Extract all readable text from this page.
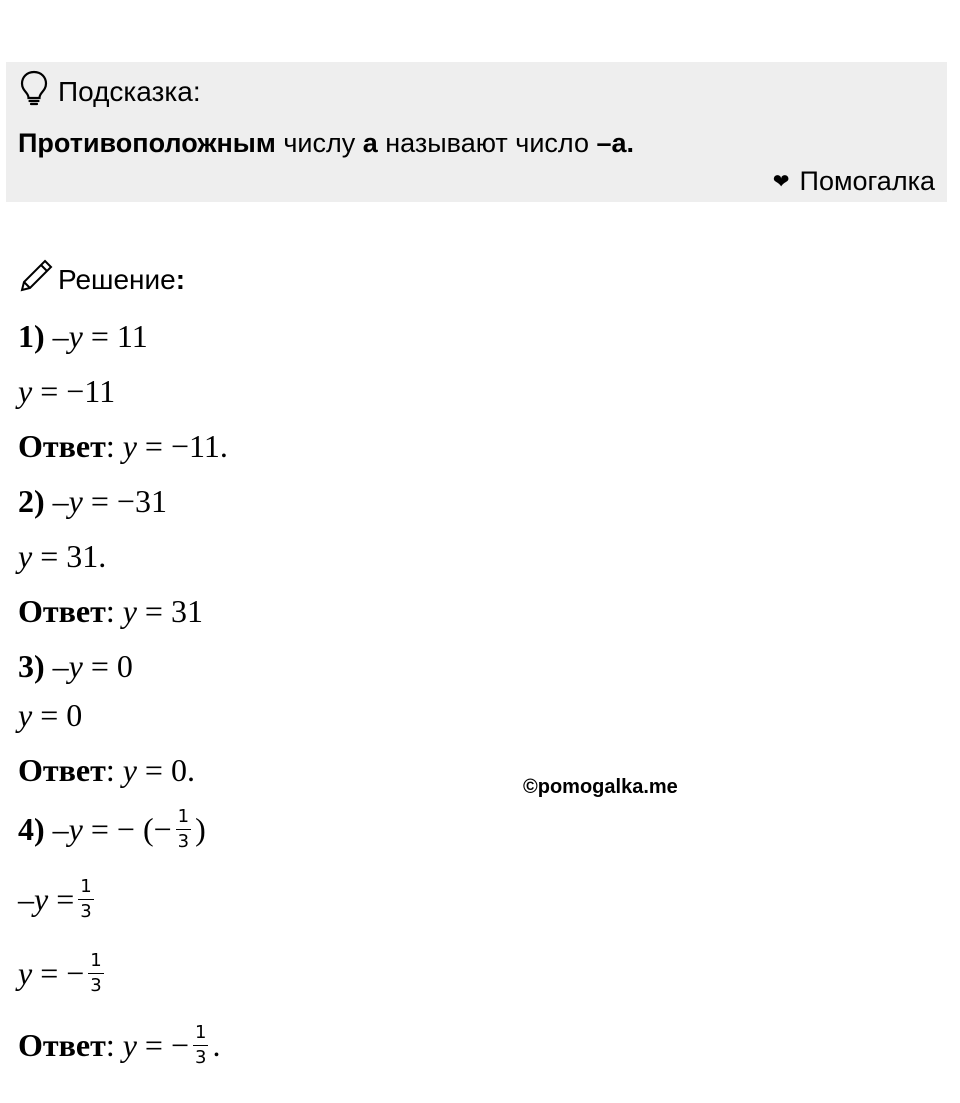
Подсказка:
Противоположным числу а называют число –а.
❤ Помогалка
Решение :
1)
–y = 11
y = −11
Ответ : y = −11.
2)
–y = −31
y = 31.
Ответ : y = 31
3)
–y = 0
y = 0
Ответ : y = 0.
4)
–y = − (− $\frac{1}{3}$ )
$-y = \frac{1}{3}$
y = − $\frac{1}{3}$
Ответ : y = − $\frac{1}{3}$ .
©pomogalka.me
